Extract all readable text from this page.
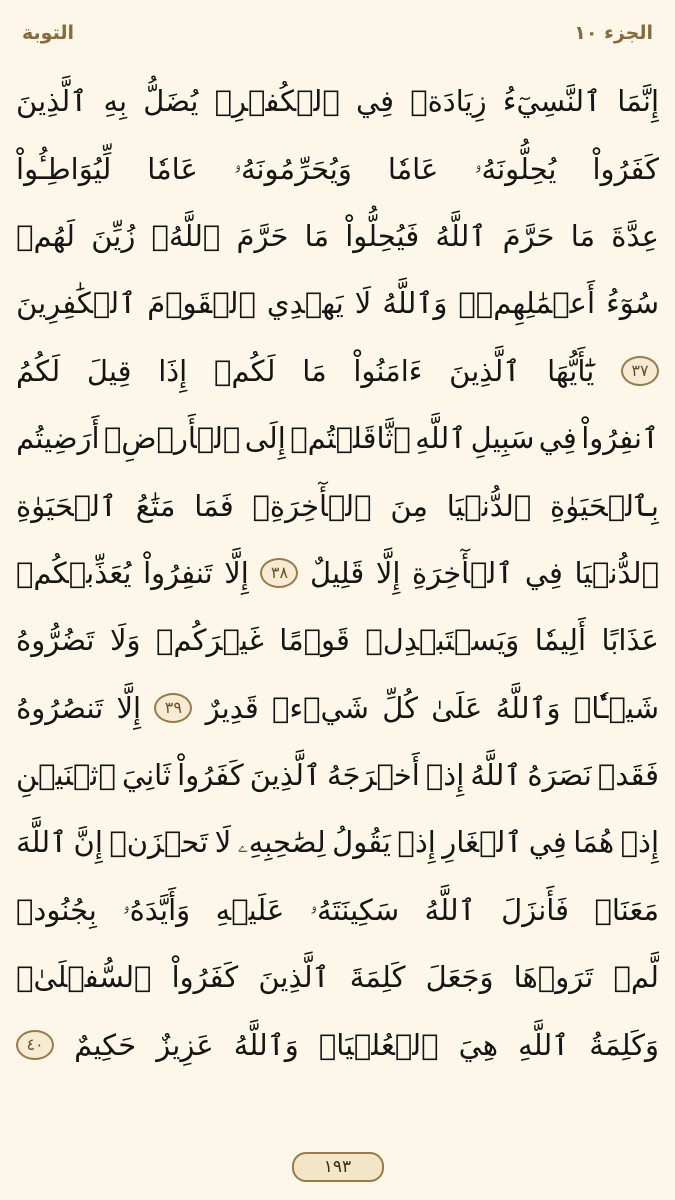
التوبة	الجزء ١٠
إِنَّمَا
ٱلنَّسِيٓءُ
زِيَادَةٞ
فِي
ٱلۡكُفۡرِۖ
يُضَلُّ
بِهِ
ٱلَّذِينَ
كَفَرُواْ
يُحِلُّونَهُۥ
عَامٗا
وَيُحَرِّمُونَهُۥ
عَامٗا
لِّيُوَاطِـُٔواْ
عِدَّةَ
مَا
حَرَّمَ
ٱللَّهُ
فَيُحِلُّواْ
مَا
حَرَّمَ
ٱللَّهُۚ
زُيِّنَ
لَهُمۡ
سُوٓءُ
أَعۡمَٰلِهِمۡۗ
وَٱللَّهُ
لَا
يَهۡدِي
ٱلۡقَوۡمَ
ٱلۡكَٰفِرِينَ
٣٧
يَٰٓأَيُّهَا
ٱلَّذِينَ
ءَامَنُواْ
مَا
لَكُمۡ
إِذَا
قِيلَ
لَكُمُ
ٱنفِرُواْ
فِي
سَبِيلِ
ٱللَّهِ
ٱثَّاقَلۡتُمۡ
إِلَى
ٱلۡأَرۡضِۚ
أَرَضِيتُم
بِٱلۡحَيَوٰةِ
ٱلدُّنۡيَا
مِنَ
ٱلۡأٓخِرَةِۚ
فَمَا
مَتَٰعُ
ٱلۡحَيَوٰةِ
ٱلدُّنۡيَا
فِي
ٱلۡأٓخِرَةِ
إِلَّا
قَلِيلٌ
٣٨
إِلَّا
تَنفِرُواْ
يُعَذِّبۡكُمۡ
عَذَابًا
أَلِيمٗا
وَيَسۡتَبۡدِلۡ
قَوۡمًا
غَيۡرَكُمۡ
وَلَا
تَضُرُّوهُ
شَيۡـٔٗاۗ
وَٱللَّهُ
عَلَىٰ
كُلِّ
شَيۡءٖ
قَدِيرٌ
٣٩
إِلَّا
تَنصُرُوهُ
فَقَدۡ
نَصَرَهُ
ٱللَّهُ
إِذۡ
أَخۡرَجَهُ
ٱلَّذِينَ
كَفَرُواْ
ثَانِيَ
ٱثۡنَيۡنِ
إِذۡ
هُمَا
فِي
ٱلۡغَارِ
إِذۡ
يَقُولُ
لِصَٰحِبِهِۦ
لَا
تَحۡزَنۡ
إِنَّ
ٱللَّهَ
مَعَنَاۖ
فَأَنزَلَ
ٱللَّهُ
سَكِينَتَهُۥ
عَلَيۡهِ
وَأَيَّدَهُۥ
بِجُنُودٖ
لَّمۡ
تَرَوۡهَا
وَجَعَلَ
كَلِمَةَ
ٱلَّذِينَ
كَفَرُواْ
ٱلسُّفۡلَىٰۗ
وَكَلِمَةُ
ٱللَّهِ
هِيَ
ٱلۡعُلۡيَاۗ
وَٱللَّهُ
عَزِيزٌ
حَكِيمٌ
٤٠
١٩٣
